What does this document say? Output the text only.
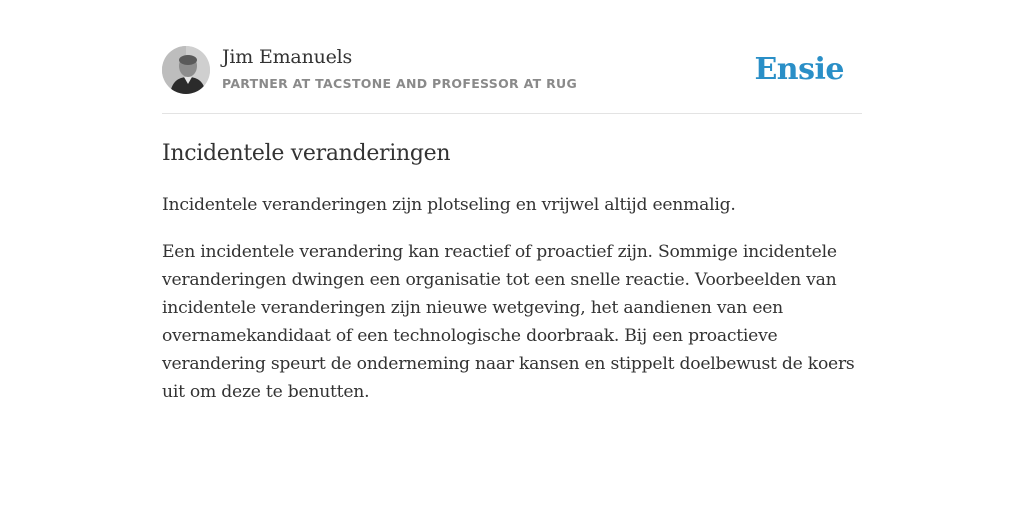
Jim Emanuels
PARTNER AT TACSTONE AND PROFESSOR AT RUG	Ensie
Incidentele veranderingen

Incidentele veranderingen zijn plotseling en vrijwel altijd eenmalig.

Een incidentele verandering kan reactief of proactief zijn. Sommige incidentele veranderingen dwingen een organisatie tot een snelle reactie. Voorbeelden van incidentele veranderingen zijn nieuwe wetgeving, het aandienen van een overnamekandidaat of een technologische doorbraak. Bij een proactieve verandering speurt de onderneming naar kansen en stippelt doelbewust de koers uit om deze te benutten.
